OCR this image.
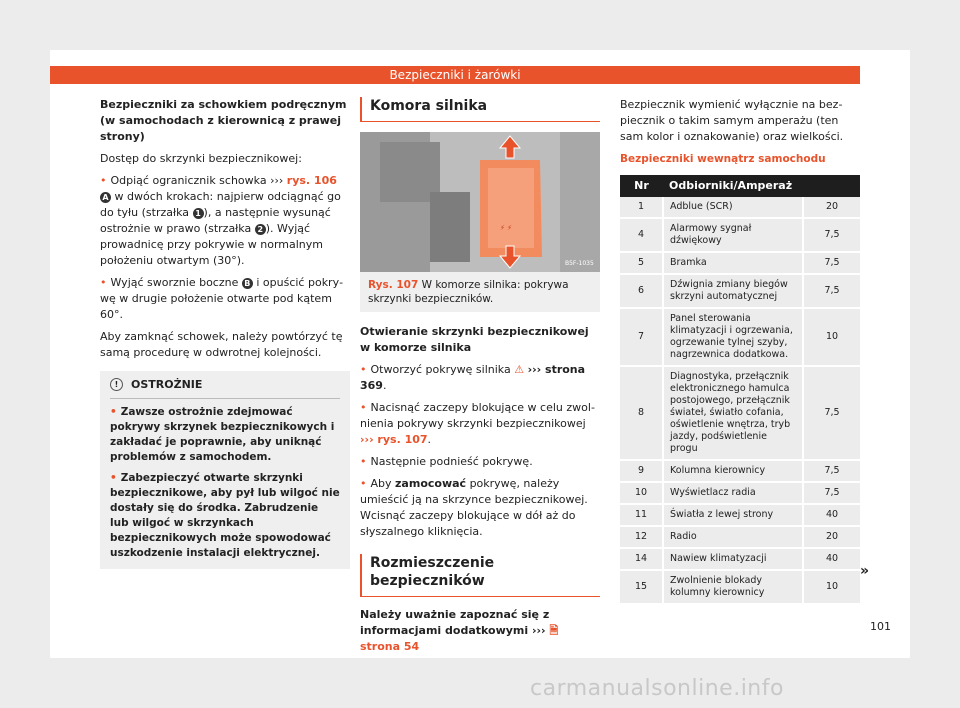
Bezpieczniki i żarówki
Bezpieczniki za schowkiem podręcznym (w samochodach z kierownicą z prawej strony)

Dostęp do skrzynki bezpiecznikowej:

• Odpiąć ogranicznik schowka ››› rys. 106 A w dwóch krokach: najpierw odciągnąć go do tyłu (strzałka 1 ), a następnie wysunąć ostrożnie w prawo (strzałka 2 ). Wyjąć prowadnicę przy pokrywie w normalnym położeniu otwartym (30°).

• Wyjąć sworznie boczne B i opuścić pokrywę w drugie położenie otwarte pod kątem 60°.

Aby zamknąć schowek, należy powtórzyć tę samą procedurę w odwrotnej kolejności.

!	OSTROŻNIE

• Zawsze ostrożnie zdejmować pokrywy skrzynek bezpiecznikowych i zakładać je poprawnie, aby uniknąć problemów z samochodem.

• Zabezpieczyć otwarte skrzynki bezpiecznikowe, aby pył lub wilgoć nie dostały się do środka. Zabrudzenie lub wilgoć w skrzynkach bezpiecznikowych może spowodować uszkodzenie instalacji elektrycznej.

Komora silnika
⚡ ⚡
B5F-1035
Rys. 107 W komorze silnika: pokrywa skrzynki bezpieczników.
Otwieranie skrzynki bezpiecznikowej w komorze silnika

• Otworzyć pokrywę silnika ⚠ ››› strona 369.

• Nacisnąć zaczepy blokujące w celu zwolnienia pokrywy skrzynki bezpiecznikowej ››› rys. 107.

• Następnie podnieść pokrywę.

• Aby zamocować pokrywę, należy umieścić ją na skrzynce bezpiecznikowej. Wcisnąć zaczepy blokujące w dół aż do słyszalnego kliknięcia.

Rozmieszczenie bezpieczników

Należy uważnie zapoznać się z informacjami dodatkowymi ››› 🗎 strona 54

Bezpiecznik wymienić wyłącznie na bezpiecznik o takim samym amperażu (ten sam kolor i oznakowanie) oraz wielkości.

Bezpieczniki wewnątrz samochodu
Nr	Odbiorniki/Amperaż	
1	Adblue (SCR)	20
4	Alarmowy sygnał dźwiękowy	7,5
5	Bramka	7,5
6	Dźwignia zmiany biegów skrzyni automatycznej	7,5
7	Panel sterowania klimatyzacji i ogrzewania, ogrzewanie tylnej szyby, nagrzewnica dodatkowa.	10
8	Diagnostyka, przełącznik elektronicznego hamulca postojowego, przełącznik świateł, światło cofania, oświetlenie wnętrza, tryb jazdy, podświetlenie progu	7,5
9	Kolumna kierownicy	7,5
10	Wyświetlacz radia	7,5
11	Światła z lewej strony	40
12	Radio	20
14	Nawiew klimatyzacji	40
15	Zwolnienie blokady kolumny kierownicy	10
»
101
carmanualsonline.info
